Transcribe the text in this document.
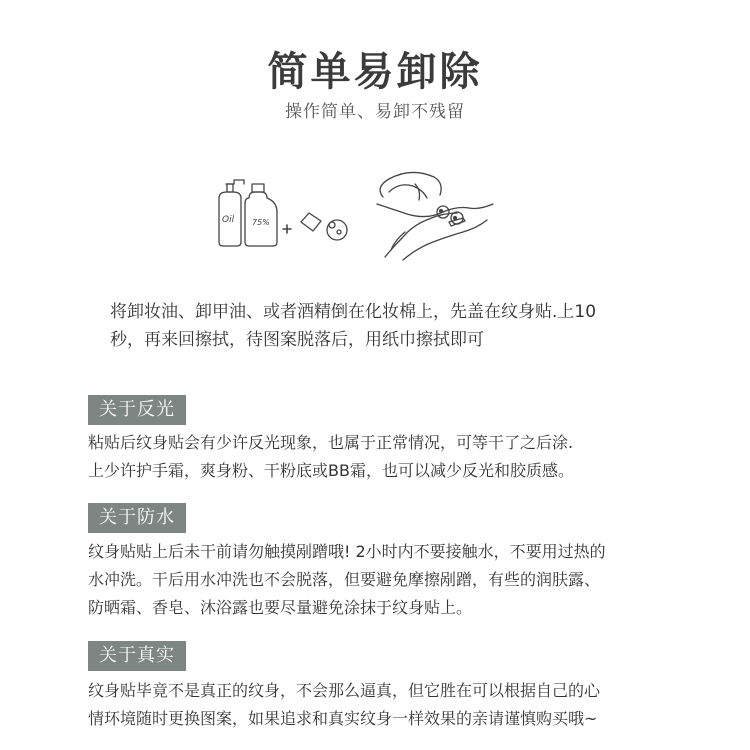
简单易卸除
操作简单、易卸不残留
Oil 75%
将卸妆油、卸甲油、或者酒精倒在化妆棉上，先盖在纹身贴.上10
秒，再来回擦拭，待图案脱落后，用纸巾擦拭即可
关于反光
粘贴后纹身贴会有少许反光现象，也属于正常情况，可等干了之后涂.
上少许护手霜，爽身粉、干粉底或BB霜，也可以减少反光和胶质感。
关于防水
纹身贴贴上后未干前请勿触摸剐蹭哦! 2小时内不要接触水，不要用过热的
水冲洗。干后用水冲洗也不会脱落，但要避免摩擦剐蹭，有些的润肤露、
防晒霜、香皂、沐浴露也要尽量避免涂抹于纹身贴上。
关于真实
纹身贴毕竟不是真正的纹身，不会那么逼真，但它胜在可以根据自己的心
情环境随时更换图案，如果追求和真实纹身一样效果的亲请谨慎购买哦~
